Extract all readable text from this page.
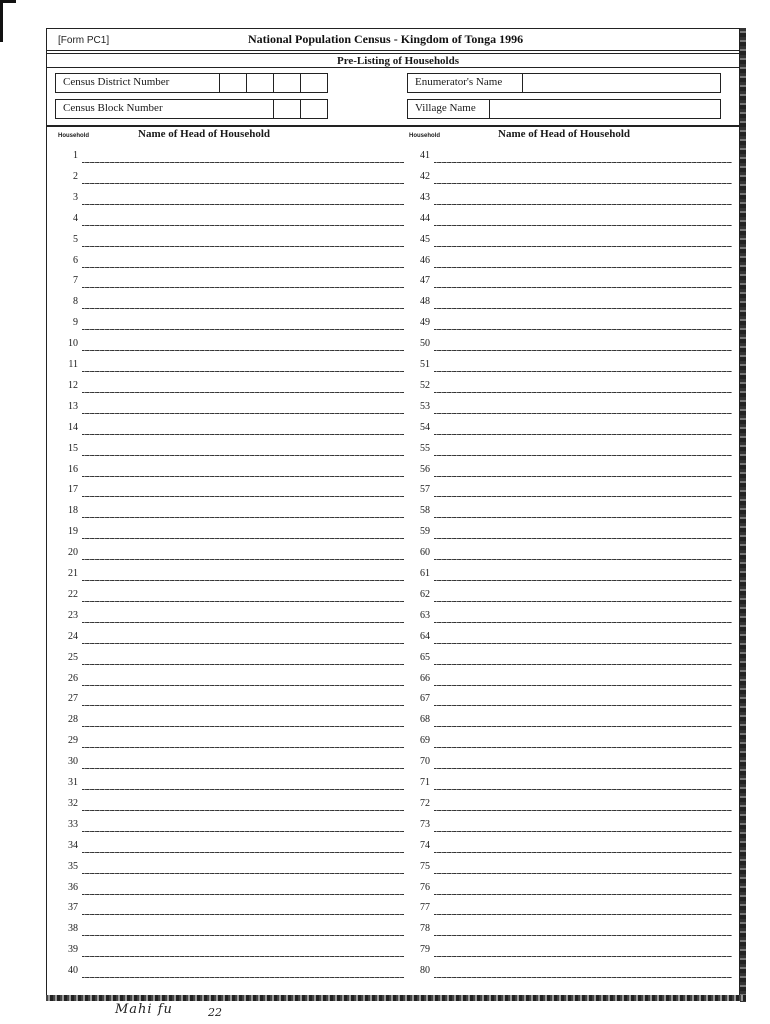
[Form PC1]	National Population Census - Kingdom of Tonga 1996
Pre-Listing of Households
Census District Number
Census Block Number
Enumerator's Name
Village Name
Household	Name of Head of Household	Household	Name of Head of Household
1
2
3
4
5
6
7
8
9
10
11
12
13
14
15
16
17
18
19
20
21
22
23
24
25
26
27
28
29
30
31
32
33
34
35
36
37
38
39
40
41
42
43
44
45
46
47
48
49
50
51
52
53
54
55
56
57
58
59
60
61
62
63
64
65
66
67
68
69
70
71
72
73
74
75
76
77
78
79
80
Mahi fu	22
